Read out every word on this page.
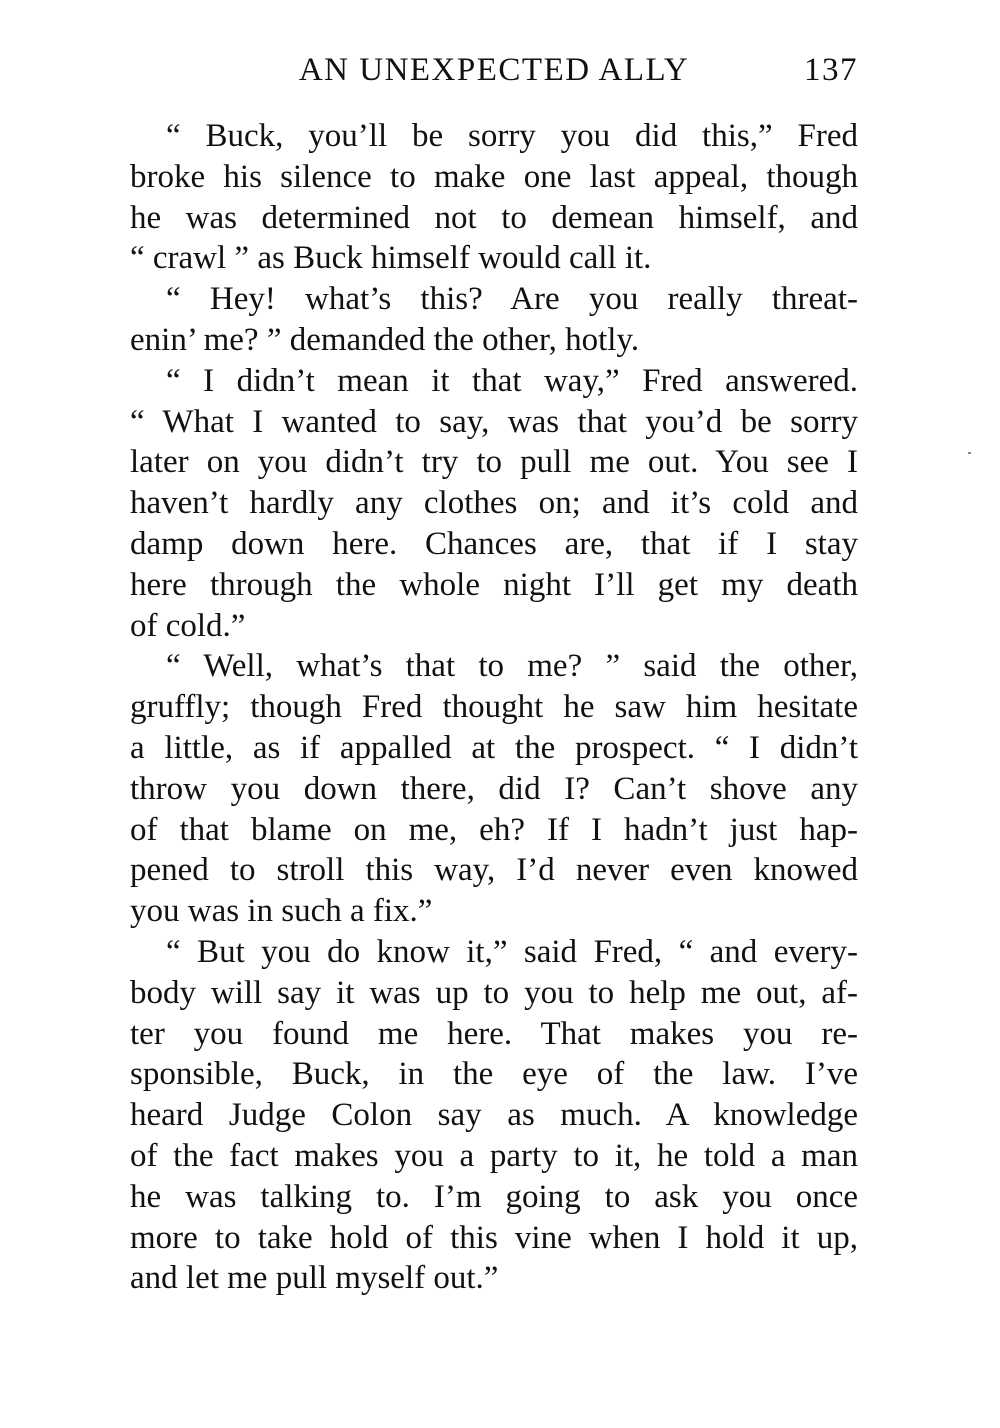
AN UNEXPECTED ALLY	137
“ Buck, you’ll be sorry you did this,” Fred
broke his silence to make one last appeal, though
he was determined not to demean himself, and
“ crawl ” as Buck himself would call it.
“ Hey! what’s this? Are you really threat-
enin’ me? ” demanded the other, hotly.
“ I didn’t mean it that way,” Fred answered.
“ What I wanted to say, was that you’d be sorry
later on you didn’t try to pull me out. You see I
haven’t hardly any clothes on; and it’s cold and
damp down here. Chances are, that if I stay
here through the whole night I’ll get my death
of cold.”
“ Well, what’s that to me? ” said the other,
gruffly; though Fred thought he saw him hesitate
a little, as if appalled at the prospect. “ I didn’t
throw you down there, did I? Can’t shove any
of that blame on me, eh? If I hadn’t just hap-
pened to stroll this way, I’d never even knowed
you was in such a fix.”
“ But you do know it,” said Fred, “ and every-
body will say it was up to you to help me out, af-
ter you found me here. That makes you re-
sponsible, Buck, in the eye of the law. I’ve
heard Judge Colon say as much. A knowledge
of the fact makes you a party to it, he told a man
he was talking to. I’m going to ask you once
more to take hold of this vine when I hold it up,
and let me pull myself out.”
